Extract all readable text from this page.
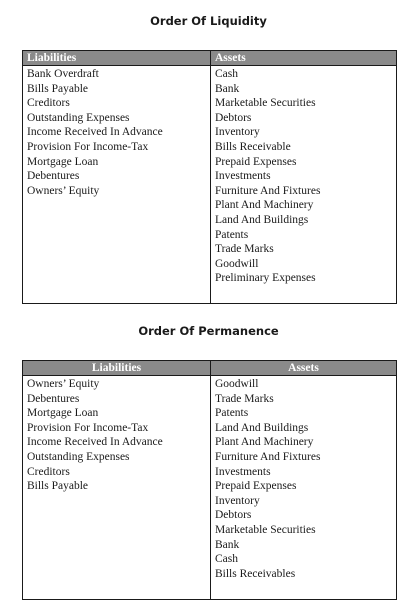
Order Of Liquidity
Liabilities	Assets
Bank Overdraft
Bills Payable
Creditors
Outstanding Expenses
Income Received In Advance
Provision For Income-Tax
Mortgage Loan
Debentures
Owners’ Equity
Cash
Bank
Marketable Securities
Debtors
Inventory
Bills Receivable
Prepaid Expenses
Investments
Furniture And Fixtures
Plant And Machinery
Land And Buildings
Patents
Trade Marks
Goodwill
Preliminary Expenses
Order Of Permanence
Liabilities	Assets
Owners’ Equity
Debentures
Mortgage Loan
Provision For Income-Tax
Income Received In Advance
Outstanding Expenses
Creditors
Bills Payable
Goodwill
Trade Marks
Patents
Land And Buildings
Plant And Machinery
Furniture And Fixtures
Investments
Prepaid Expenses
Inventory
Debtors
Marketable Securities
Bank
Cash
Bills Receivables
